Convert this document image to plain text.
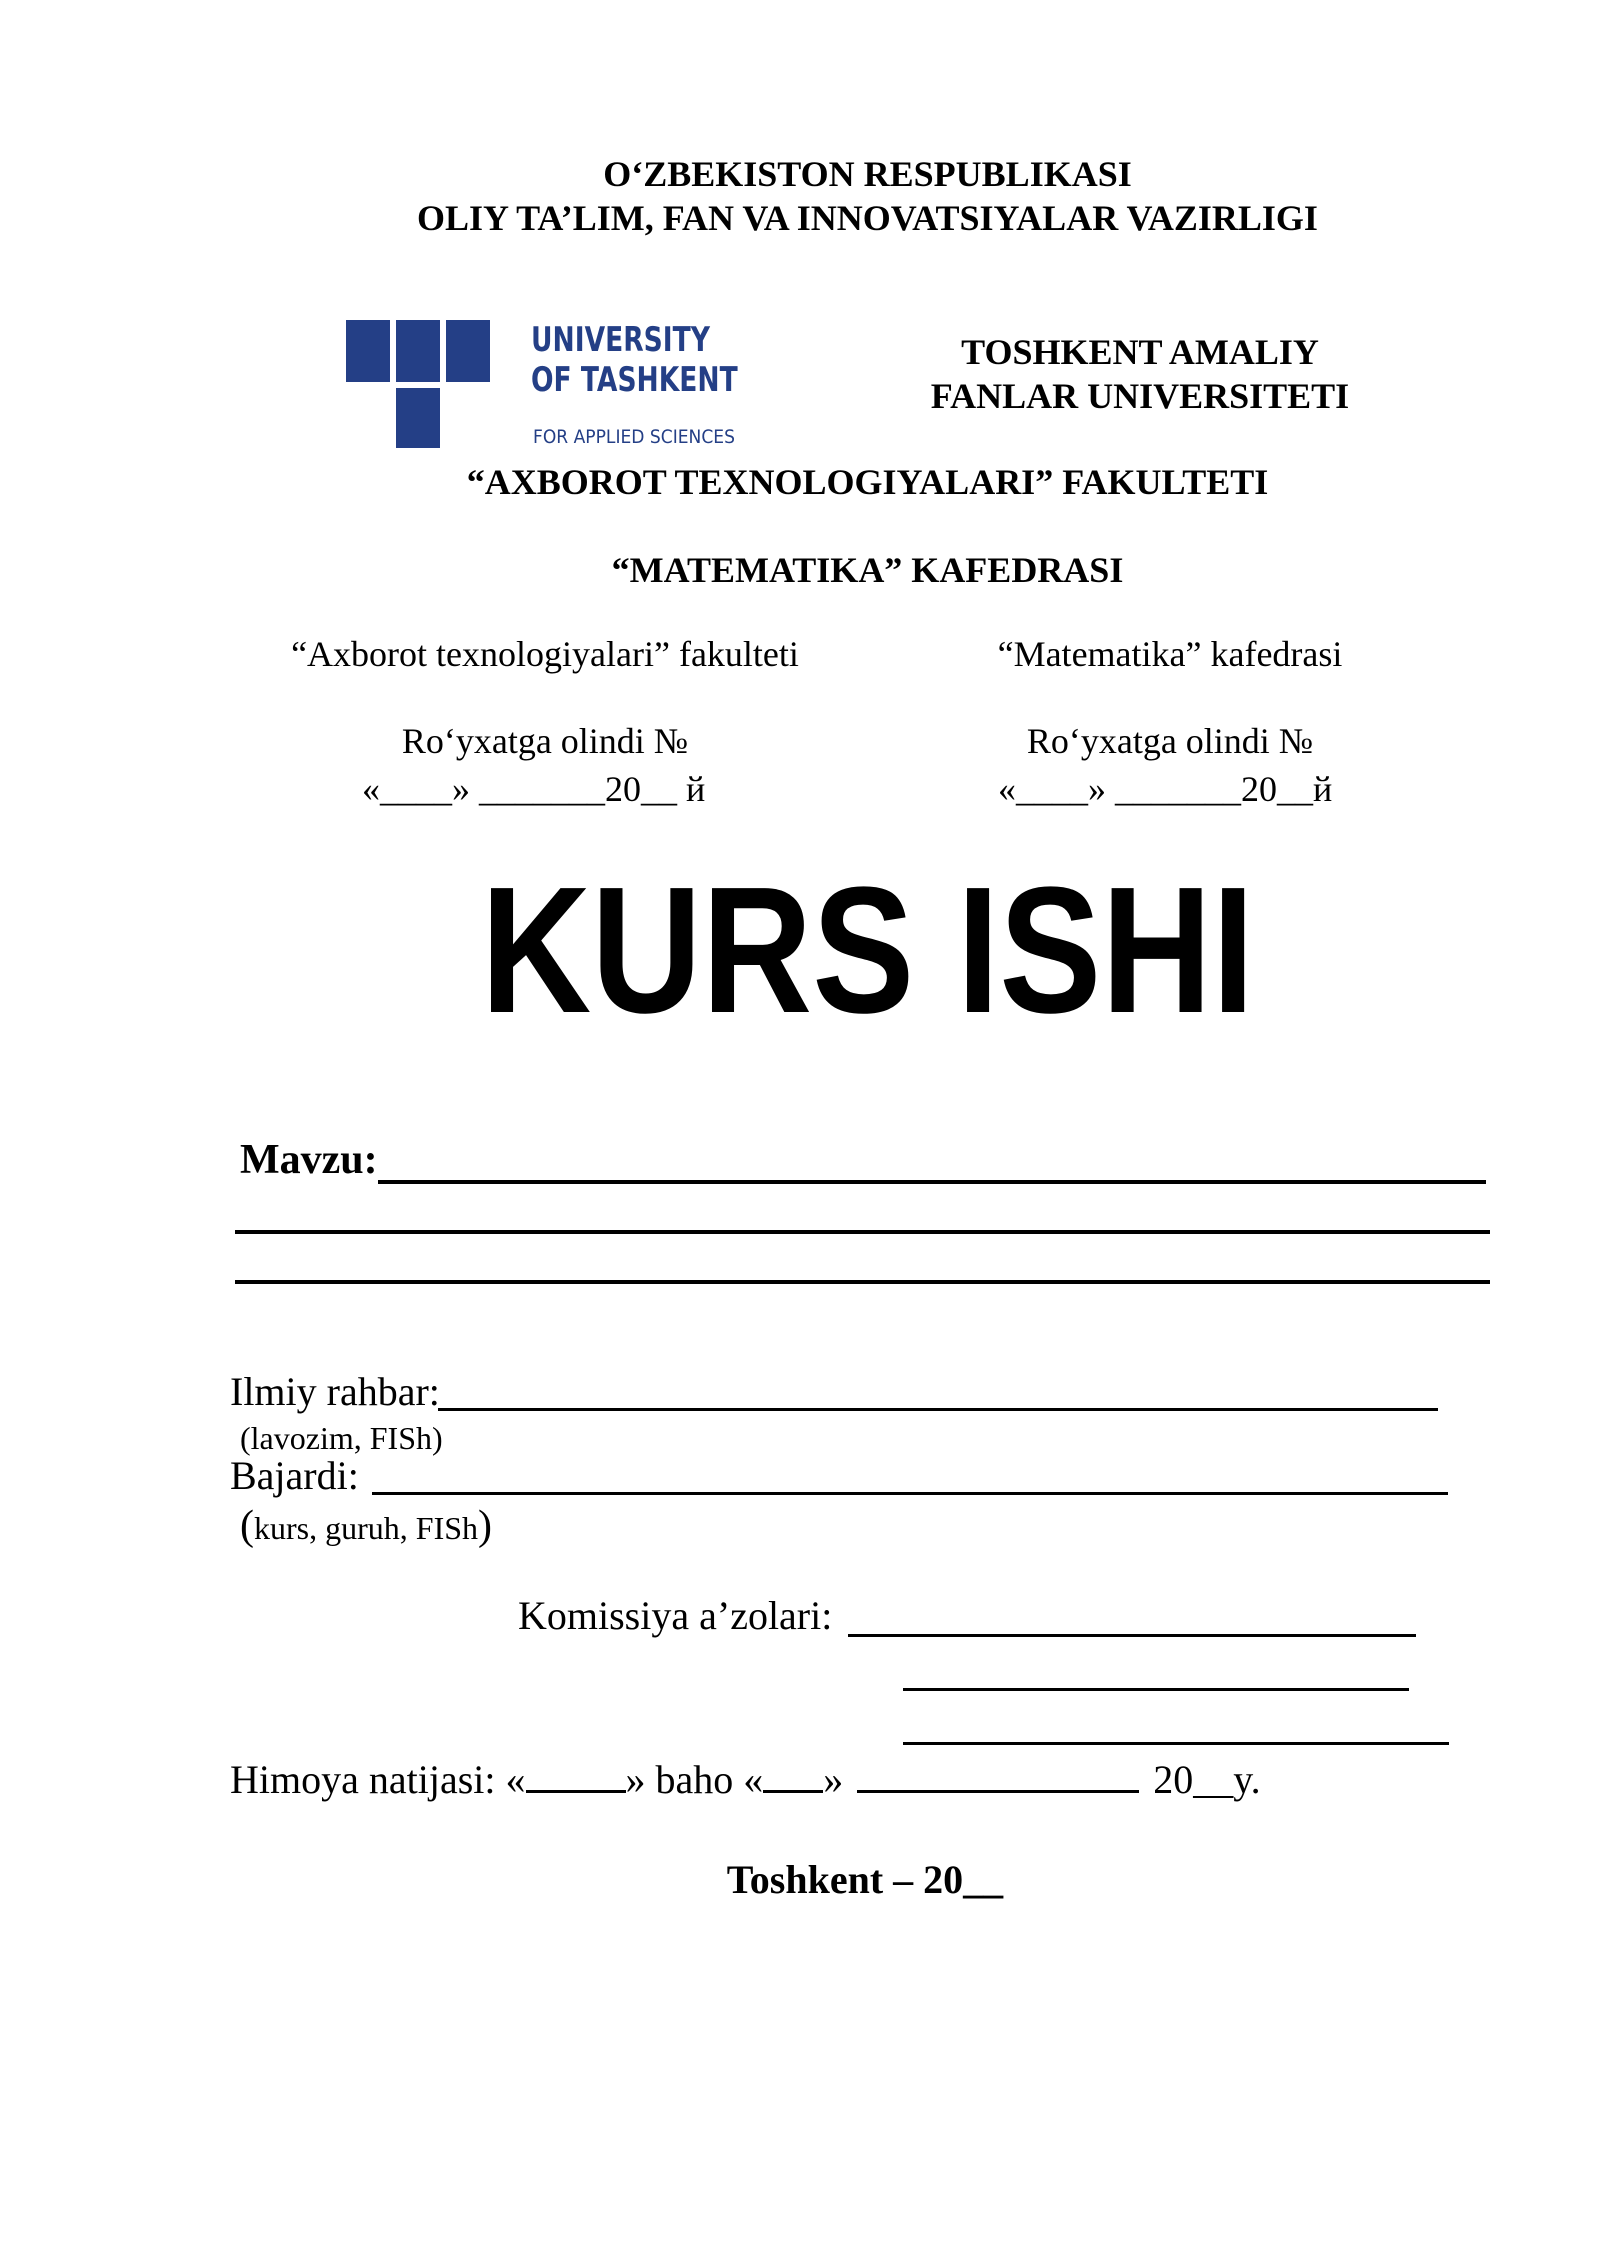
O‘ZBEKISTON RESPUBLIKASI
OLIY TA’LIM, FAN VA INNOVATSIYALAR VAZIRLIGI
UNIVERSITY
OF TASHKENT
FOR APPLIED SCIENCES
TOSHKENT AMALIY
FANLAR UNIVERSITETI
“AXBOROT TEXNOLOGIYALARI” FAKULTETI
“MATEMATIKA” KAFEDRASI
“Axborot texnologiyalari” fakulteti
Ro‘yxatga olindi №
«____» _______20__ й
“Matematika” kafedrasi
Ro‘yxatga olindi №
«____» _______20__й
KURS ISHI
Mavzu:
Ilmiy rahbar:
(lavozim, FISh)
Bajardi:
(kurs, guruh, FISh)
Komissiya a’zolari:
Himoya natijasi: «	» baho « »	20__y.
Toshkent – 20__
